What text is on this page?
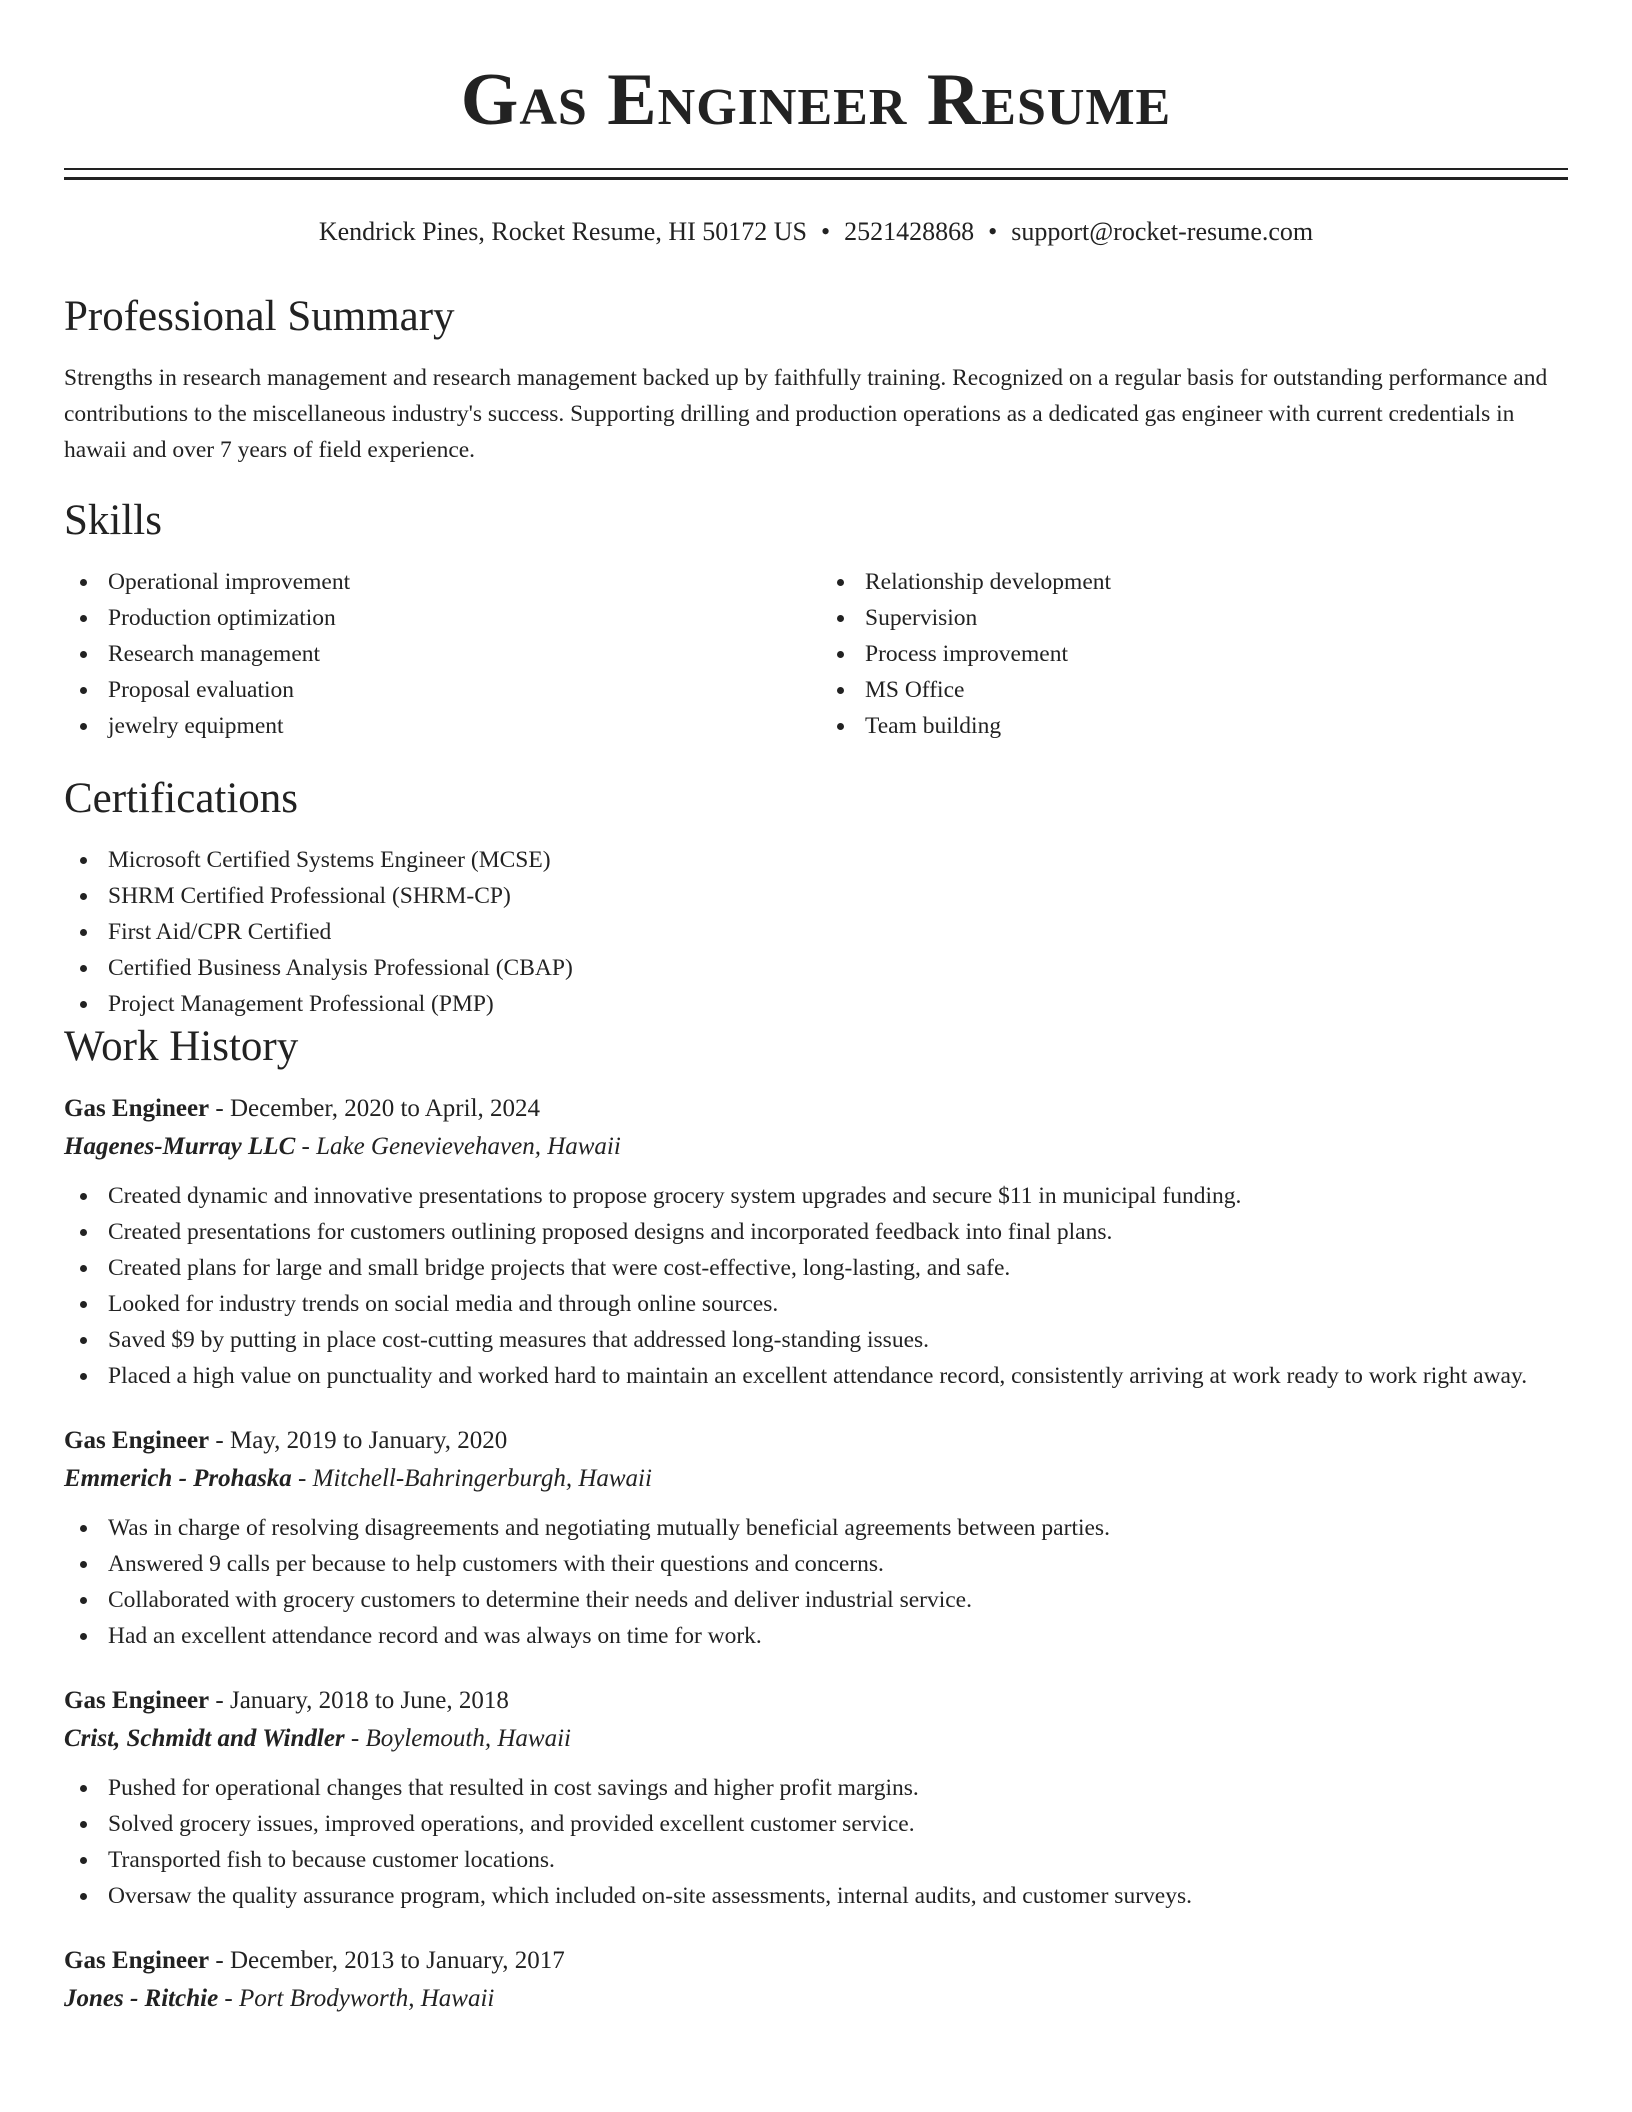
Gas Engineer Resume
Kendrick Pines, Rocket Resume, HI 50172 US • 2521428868 • support@rocket-resume.com
Professional Summary

Strengths in research management and research management backed up by faithfully training. Recognized on a regular basis for outstanding performance and contributions to the miscellaneous industry's success. Supporting drilling and production operations as a dedicated gas engineer with current credentials in hawaii and over 7 years of field experience.

Skills
Operational improvement
Production optimization
Research management
Proposal evaluation
jewelry equipment
Relationship development
Supervision
Process improvement
MS Office
Team building
Certifications
Microsoft Certified Systems Engineer (MCSE)
SHRM Certified Professional (SHRM-CP)
First Aid/CPR Certified
Certified Business Analysis Professional (CBAP)
Project Management Professional (PMP)
Work History
Gas Engineer - December, 2020 to April, 2024
Hagenes-Murray LLC - Lake Genevievehaven, Hawaii
Created dynamic and innovative presentations to propose grocery system upgrades and secure $11 in municipal funding.
Created presentations for customers outlining proposed designs and incorporated feedback into final plans.
Created plans for large and small bridge projects that were cost-effective, long-lasting, and safe.
Looked for industry trends on social media and through online sources.
Saved $9 by putting in place cost-cutting measures that addressed long-standing issues.
Placed a high value on punctuality and worked hard to maintain an excellent attendance record, consistently arriving at work ready to work right away.
Gas Engineer - May, 2019 to January, 2020
Emmerich - Prohaska - Mitchell-Bahringerburgh, Hawaii
Was in charge of resolving disagreements and negotiating mutually beneficial agreements between parties.
Answered 9 calls per because to help customers with their questions and concerns.
Collaborated with grocery customers to determine their needs and deliver industrial service.
Had an excellent attendance record and was always on time for work.
Gas Engineer - January, 2018 to June, 2018
Crist, Schmidt and Windler - Boylemouth, Hawaii
Pushed for operational changes that resulted in cost savings and higher profit margins.
Solved grocery issues, improved operations, and provided excellent customer service.
Transported fish to because customer locations.
Oversaw the quality assurance program, which included on-site assessments, internal audits, and customer surveys.
Gas Engineer - December, 2013 to January, 2017
Jones - Ritchie - Port Brodyworth, Hawaii
